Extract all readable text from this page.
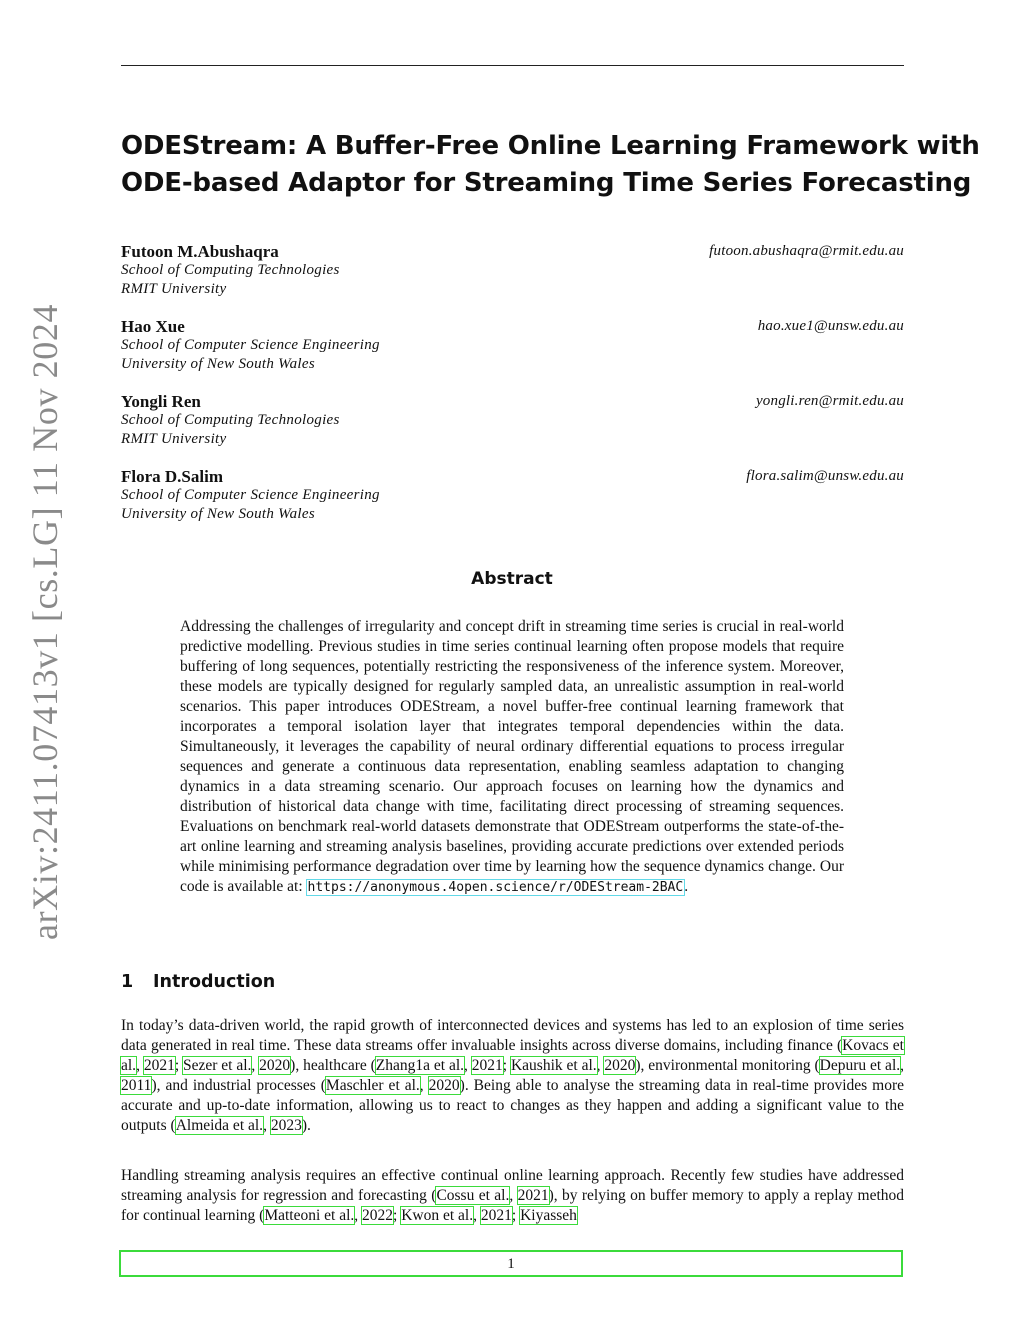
arXiv:2411.07413v1 [cs.LG] 11 Nov 2024
ODEStream: A Buffer-Free Online Learning Framework with
ODE-based Adaptor for Streaming Time Series Forecasting
Futoon M.Abushaqra
School of Computing Technologies
RMIT University
futoon.abushaqra@rmit.edu.au
Hao Xue
School of Computer Science Engineering
University of New South Wales
hao.xue1@unsw.edu.au
Yongli Ren
School of Computing Technologies
RMIT University
yongli.ren@rmit.edu.au
Flora D.Salim
School of Computer Science Engineering
University of New South Wales
flora.salim@unsw.edu.au
Abstract
Addressing the challenges of irregularity and concept drift in streaming time series is crucial in real-world predictive modelling. Previous studies in time series continual learning often propose models that require buffering of long sequences, potentially restricting the responsiveness of the inference system. Moreover, these models are typically designed for regularly sampled data, an unrealistic assumption in real-world scenarios. This paper introduces ODEStream, a novel buffer-free continual learning framework that incorporates a temporal isolation layer that integrates temporal dependencies within the data. Simultaneously, it leverages the capability of neural ordinary differential equations to process irregular sequences and generate a continuous data representation, enabling seamless adaptation to changing dynamics in a data streaming scenario. Our approach focuses on learning how the dynamics and distribution of historical data change with time, facilitating direct processing of streaming sequences. Evaluations on benchmark real-world datasets demonstrate that ODEStream outperforms the state-of-the-art online learning and streaming analysis baselines, providing accurate predictions over extended periods while minimising performance degradation over time by learning how the sequence dynamics change. Our code is available at: https://anonymous.4open.science/r/ODEStream-2BAC.
1 Introduction
In today’s data-driven world, the rapid growth of interconnected devices and systems has led to an explosion of time series data generated in real time. These data streams offer invaluable insights across diverse domains, including finance (Kovacs et al., 2021; Sezer et al., 2020), healthcare (Zhang1a et al., 2021; Kaushik et al., 2020), environmental monitoring (Depuru et al., 2011), and industrial processes (Maschler et al., 2020). Being able to analyse the streaming data in real-time provides more accurate and up-to-date information, allowing us to react to changes as they happen and adding a significant value to the outputs (Almeida et al., 2023).
Handling streaming analysis requires an effective continual online learning approach. Recently few studies have addressed streaming analysis for regression and forecasting (Cossu et al., 2021), by relying on buffer memory to apply a replay method for continual learning (Matteoni et al., 2022; Kwon et al., 2021; Kiyasseh
1
